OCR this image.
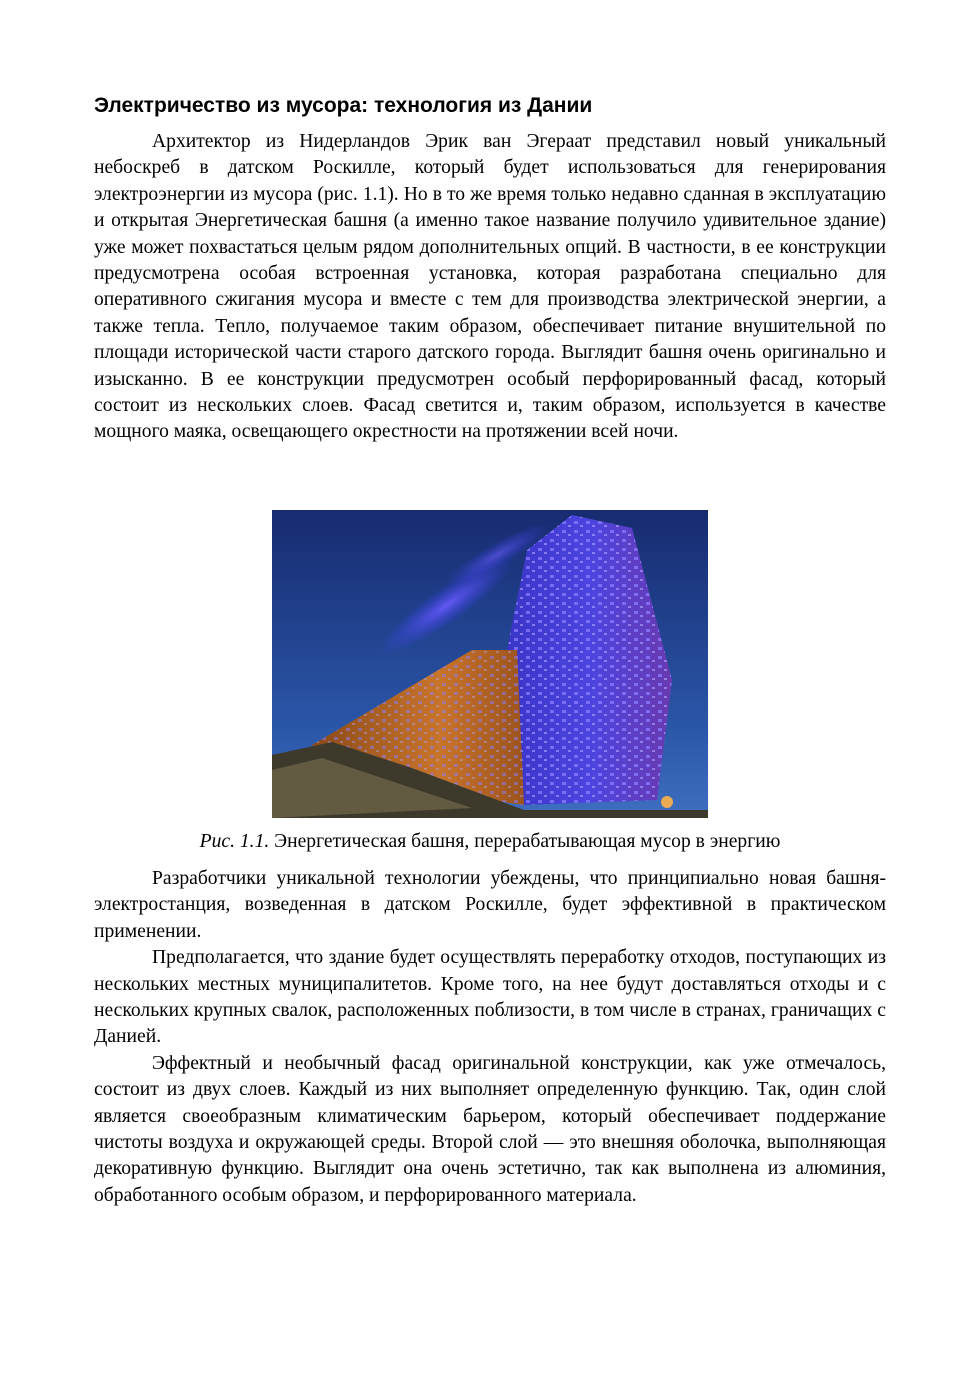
Электричество из мусора: технология из Дании

Архитектор из Нидерландов Эрик ван Эгераат представил новый уникальный небоскреб в датском Роскилле, который будет использоваться для генерирования электроэнергии из мусора (рис. 1.1). Но в то же время только недавно сданная в эксплуатацию и открытая Энергетическая башня (а именно такое название получило удивительное здание) уже может похвастаться целым рядом дополнительных опций. В частности, в ее конструкции предусмотрена особая встроенная установка, которая разработана специально для оперативного сжигания мусора и вместе с тем для производства электрической энергии, а также тепла. Тепло, получаемое таким образом, обеспечивает питание внушительной по площади исторической части старого датского города. Выглядит башня очень оригинально и изысканно. В ее конструкции предусмотрен особый перфорированный фасад, который состоит из нескольких слоев. Фасад светится и, таким образом, используется в качестве мощного маяка, освещающего окрестности на протяжении всей ночи.

Рис. 1.1. Энергетическая башня, перерабатывающая мусор в энергию

Разработчики уникальной технологии убеждены, что принципиально новая башня-электростанция, возведенная в датском Роскилле, будет эффективной в практическом применении.

Предполагается, что здание будет осуществлять переработку отходов, поступающих из нескольких местных муниципалитетов. Кроме того, на нее будут доставляться отходы и с нескольких крупных свалок, расположенных поблизости, в том числе в странах, граничащих с Данией.

Эффектный и необычный фасад оригинальной конструкции, как уже отмечалось, состоит из двух слоев. Каждый из них выполняет определенную функцию. Так, один слой является своеобразным климатическим барьером, который обеспечивает поддержание чистоты воздуха и окружающей среды. Второй слой — это внешняя оболочка, выполняющая декоративную функцию. Выглядит она очень эстетично, так как выполнена из алюминия, обработанного особым образом, и перфорированного материала.
